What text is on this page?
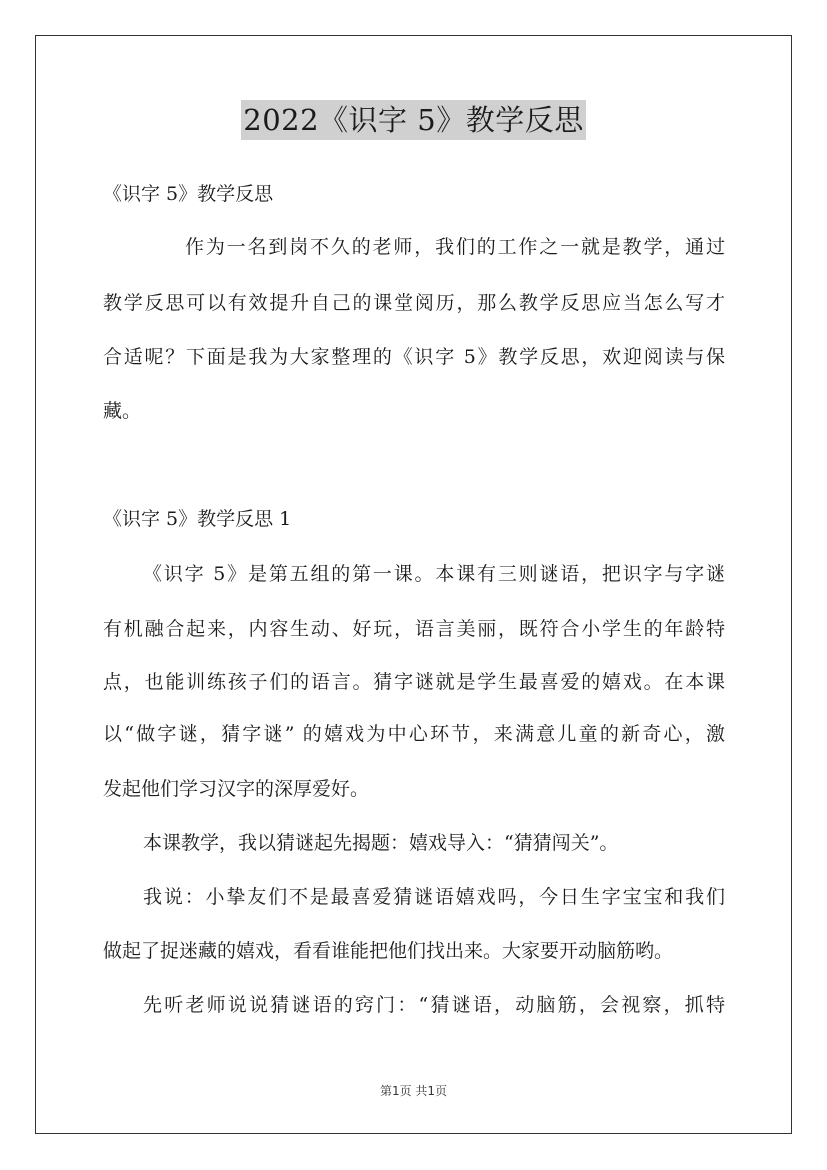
2022《识字 5》教学反思
《识字 5》教学反思
作为一名到岗不久的老师，我们的工作之一就是教学，通过
教学反思可以有效提升自己的课堂阅历，那么教学反思应当怎么写才
合适呢？下面是我为大家整理的《识字 5》教学反思，欢迎阅读与保
藏。
《识字 5》教学反思 1
《识字 5》是第五组的第一课。本课有三则谜语，把识字与字谜
有机融合起来，内容生动、好玩，语言美丽，既符合小学生的年龄特
点，也能训练孩子们的语言。猜字谜就是学生最喜爱的嬉戏。在本课
以“做字谜，猜字谜” 的嬉戏为中心环节，来满意儿童的新奇心，激
发起他们学习汉字的深厚爱好。
本课教学，我以猜谜起先揭题：嬉戏导入：“猜猜闯关”。
我说：小挚友们不是最喜爱猜谜语嬉戏吗，今日生字宝宝和我们
做起了捉迷藏的嬉戏，看看谁能把他们找出来。大家要开动脑筋哟。
先听老师说说猜谜语的窍门：“猜谜语，动脑筋，会视察，抓特
第1页 共1页
